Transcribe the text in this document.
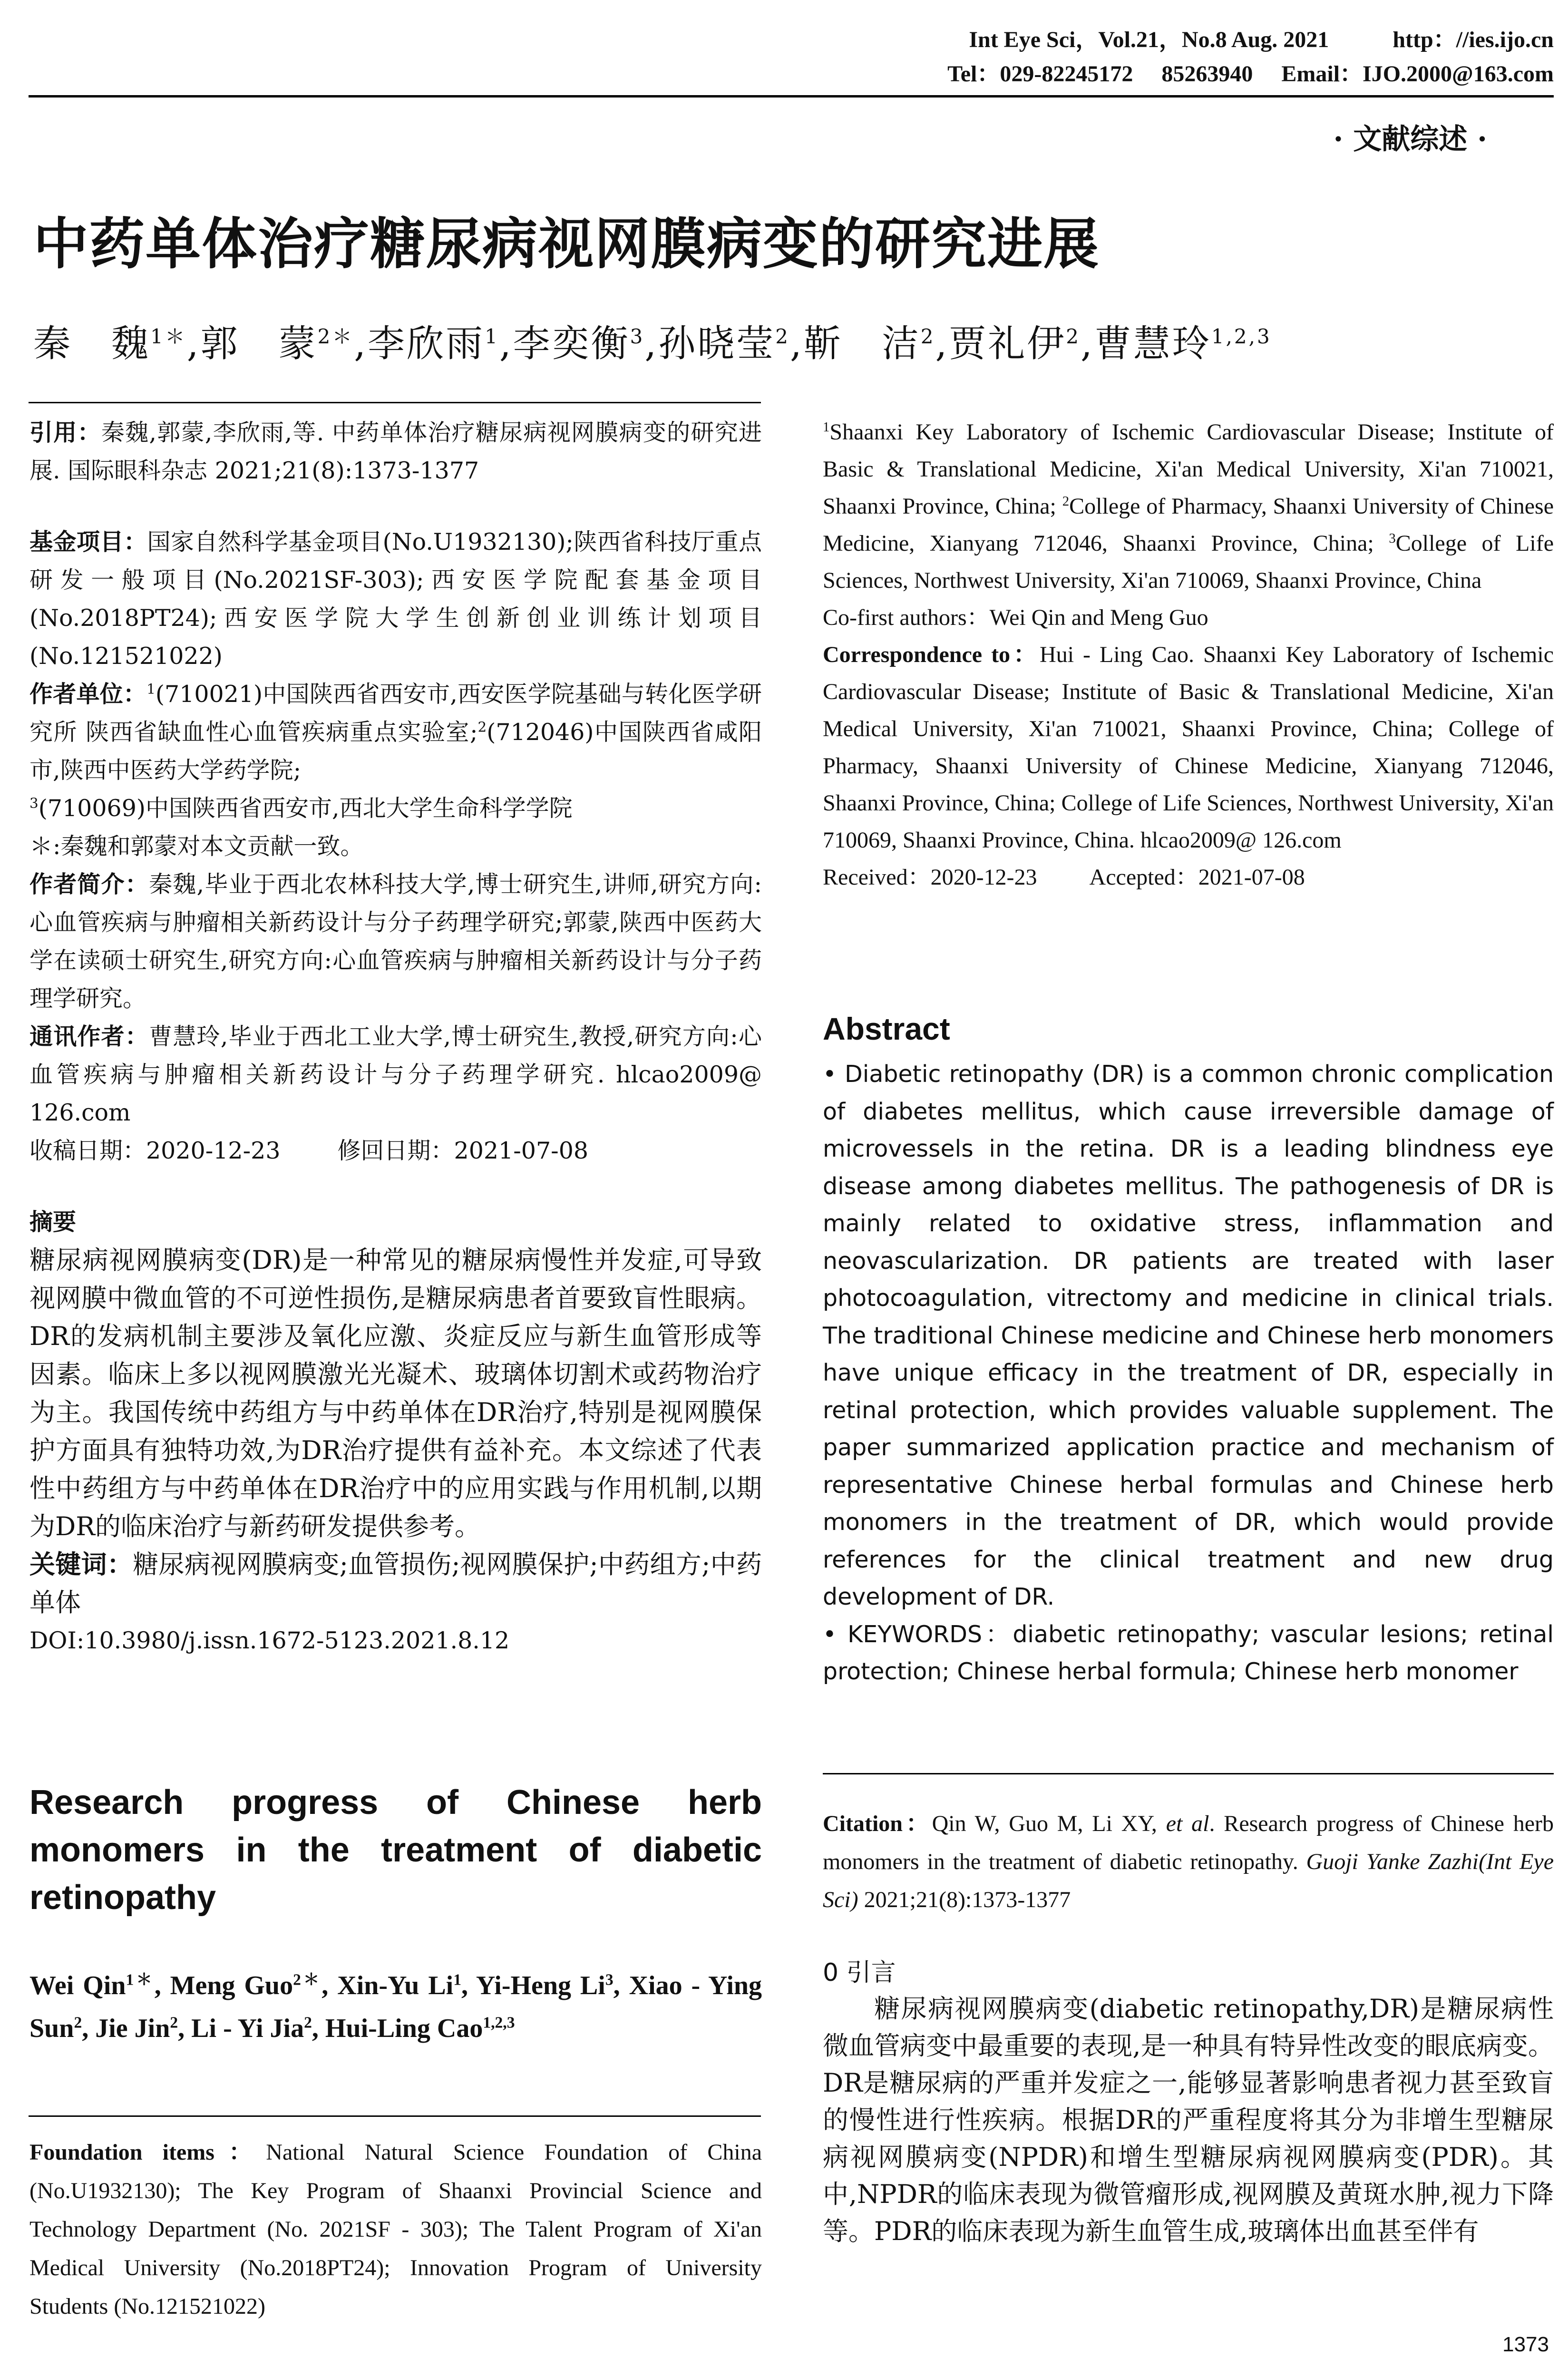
Int Eye Sci，Vol.21，No.8 Aug. 2021	http：//ies.ijo.cn
Tel：029-82245172　 85263940　 Email：IJO.2000@163.com
· 文献综述 ·
中药单体治疗糖尿病视网膜病变的研究进展
秦　魏$^{1*}$,郭　蒙$^{2*}$,李欣雨$^1$,李奕衡$^3$,孙晓莹$^2$,靳　洁$^2$,贾礼伊$^2$,曹慧玲$^{1,2,3}$

引用：秦魏,郭蒙,李欣雨,等. 中药单体治疗糖尿病视网膜病变的研究进展. 国际眼科杂志 2021;21(8):1373-1377

基金项目：国家自然科学基金项目(No.U1932130);陕西省科技厅重点研发一般项目(No.2021SF-303);西安医学院配套基金项目(No.2018PT24);西安医学院大学生创新创业训练计划项目(No.121521022)

作者单位：$^1$(710021)中国陕西省西安市,西安医学院基础与转化医学研究所 陕西省缺血性心血管疾病重点实验室;$^2$(712046)中国陕西省咸阳市,陕西中医药大学药学院;
$^3$(710069)中国陕西省西安市,西北大学生命科学学院

＊:秦魏和郭蒙对本文贡献一致。

作者简介：秦魏,毕业于西北农林科技大学,博士研究生,讲师,研究方向:心血管疾病与肿瘤相关新药设计与分子药理学研究;郭蒙,陕西中医药大学在读硕士研究生,研究方向:心血管疾病与肿瘤相关新药设计与分子药理学研究。

通讯作者：曹慧玲,毕业于西北工业大学,博士研究生,教授,研究方向:心血管疾病与肿瘤相关新药设计与分子药理学研究. hlcao2009@ 126.com

收稿日期：2020-12-23 修回日期：2021-07-08

摘要

糖尿病视网膜病变(DR)是一种常见的糖尿病慢性并发症,可导致视网膜中微血管的不可逆性损伤,是糖尿病患者首要致盲性眼病。DR的发病机制主要涉及氧化应激、炎症反应与新生血管形成等因素。临床上多以视网膜激光光凝术、玻璃体切割术或药物治疗为主。我国传统中药组方与中药单体在DR治疗,特别是视网膜保护方面具有独特功效,为DR治疗提供有益补充。本文综述了代表性中药组方与中药单体在DR治疗中的应用实践与作用机制,以期为DR的临床治疗与新药研发提供参考。

关键词：糖尿病视网膜病变;血管损伤;视网膜保护;中药组方;中药单体

DOI:10.3980/j.issn.1672-5123.2021.8.12

Research progress of Chinese herb monomers in the treatment of diabetic retinopathy
Wei Qin$^{1*}$, Meng Guo$^{2*}$, Xin-Yu Li$^1$, Yi-Heng Li$^3$, Xiao - Ying Sun$^2$, Jie Jin$^2$, Li - Yi Jia$^2$, Hui-Ling Cao$^{1,2,3}$
Foundation items：National Natural Science Foundation of China (No.U1932130); The Key Program of Shaanxi Provincial Science and Technology Department (No. 2021SF - 303); The Talent Program of Xi'an Medical University (No.2018PT24); Innovation Program of University Students (No.121521022)
$^1$Shaanxi Key Laboratory of Ischemic Cardiovascular Disease; Institute of Basic & Translational Medicine, Xi'an Medical University, Xi'an 710021, Shaanxi Province, China; $^2$College of Pharmacy, Shaanxi University of Chinese Medicine, Xianyang 712046, Shaanxi Province, China; $^3$College of Life Sciences, Northwest University, Xi'an 710069, Shaanxi Province, China
Co-first authors：Wei Qin and Meng Guo
Correspondence to：Hui - Ling Cao. Shaanxi Key Laboratory of Ischemic Cardiovascular Disease; Institute of Basic & Translational Medicine, Xi'an Medical University, Xi'an 710021, Shaanxi Province, China; College of Pharmacy, Shaanxi University of Chinese Medicine, Xianyang 712046, Shaanxi Province, China; College of Life Sciences, Northwest University, Xi'an 710069, Shaanxi Province, China. hlcao2009@ 126.com
Received：2020-12-23 Accepted：2021-07-08
Abstract

• Diabetic retinopathy (DR) is a common chronic complication of diabetes mellitus, which cause irreversible damage of microvessels in the retina. DR is a leading blindness eye disease among diabetes mellitus. The pathogenesis of DR is mainly related to oxidative stress, inflammation and neovascularization. DR patients are treated with laser photocoagulation, vitrectomy and medicine in clinical trials. The traditional Chinese medicine and Chinese herb monomers have unique efficacy in the treatment of DR, especially in retinal protection, which provides valuable supplement. The paper summarized application practice and mechanism of representative Chinese herbal formulas and Chinese herb monomers in the treatment of DR, which would provide references for the clinical treatment and new drug development of DR.

• KEYWORDS：diabetic retinopathy; vascular lesions; retinal protection; Chinese herbal formula; Chinese herb monomer

Citation：Qin W, Guo M, Li XY, et al. Research progress of Chinese herb monomers in the treatment of diabetic retinopathy. Guoji Yanke Zazhi(Int Eye Sci) 2021;21(8):1373-1377
0 引言
糖尿病视网膜病变(diabetic retinopathy,DR)是糖尿病性微血管病变中最重要的表现,是一种具有特异性改变的眼底病变。DR是糖尿病的严重并发症之一,能够显著影响患者视力甚至致盲的慢性进行性疾病。根据DR的严重程度将其分为非增生型糖尿病视网膜病变(NPDR)和增生型糖尿病视网膜病变(PDR)。其中,NPDR的临床表现为微管瘤形成,视网膜及黄斑水肿,视力下降等。PDR的临床表现为新生血管生成,玻璃体出血甚至伴有
1373
